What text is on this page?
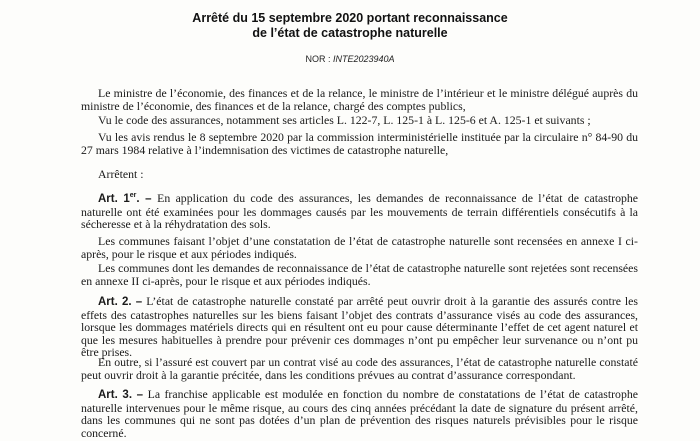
Arrêté du 15 septembre 2020 portant reconnaissance
de l’état de catastrophe naturelle
NOR : INTE2023940A

Le ministre de l’économie, des finances et de la relance, le ministre de l’intérieur et le ministre délégué auprès du ministre de l’économie, des finances et de la relance, chargé des comptes publics,

Vu le code des assurances, notamment ses articles L. 122-7, L. 125-1 à L. 125-6 et A. 125-1 et suivants ;

Vu les avis rendus le 8 septembre 2020 par la commission interministérielle instituée par la circulaire n° 84-90 du 27 mars 1984 relative à l’indemnisation des victimes de catastrophe naturelle,

Arrêtent :

Art. 1er. – En application du code des assurances, les demandes de reconnaissance de l’état de catastrophe naturelle ont été examinées pour les dommages causés par les mouvements de terrain différentiels consécutifs à la sécheresse et à la réhydratation des sols.

Les communes faisant l’objet d’une constatation de l’état de catastrophe naturelle sont recensées en annexe I ci-après, pour le risque et aux périodes indiqués.

Les communes dont les demandes de reconnaissance de l’état de catastrophe naturelle sont rejetées sont recensées en annexe II ci-après, pour le risque et aux périodes indiqués.

Art. 2. – L’état de catastrophe naturelle constaté par arrêté peut ouvrir droit à la garantie des assurés contre les effets des catastrophes naturelles sur les biens faisant l’objet des contrats d’assurance visés au code des assurances, lorsque les dommages matériels directs qui en résultent ont eu pour cause déterminante l’effet de cet agent naturel et que les mesures habituelles à prendre pour prévenir ces dommages n’ont pu empêcher leur survenance ou n’ont pu être prises.

En outre, si l’assuré est couvert par un contrat visé au code des assurances, l’état de catastrophe naturelle constaté peut ouvrir droit à la garantie précitée, dans les conditions prévues au contrat d’assurance correspondant.

Art. 3. – La franchise applicable est modulée en fonction du nombre de constatations de l’état de catastrophe naturelle intervenues pour le même risque, au cours des cinq années précédant la date de signature du présent arrêté, dans les communes qui ne sont pas dotées d’un plan de prévention des risques naturels prévisibles pour le risque concerné.
